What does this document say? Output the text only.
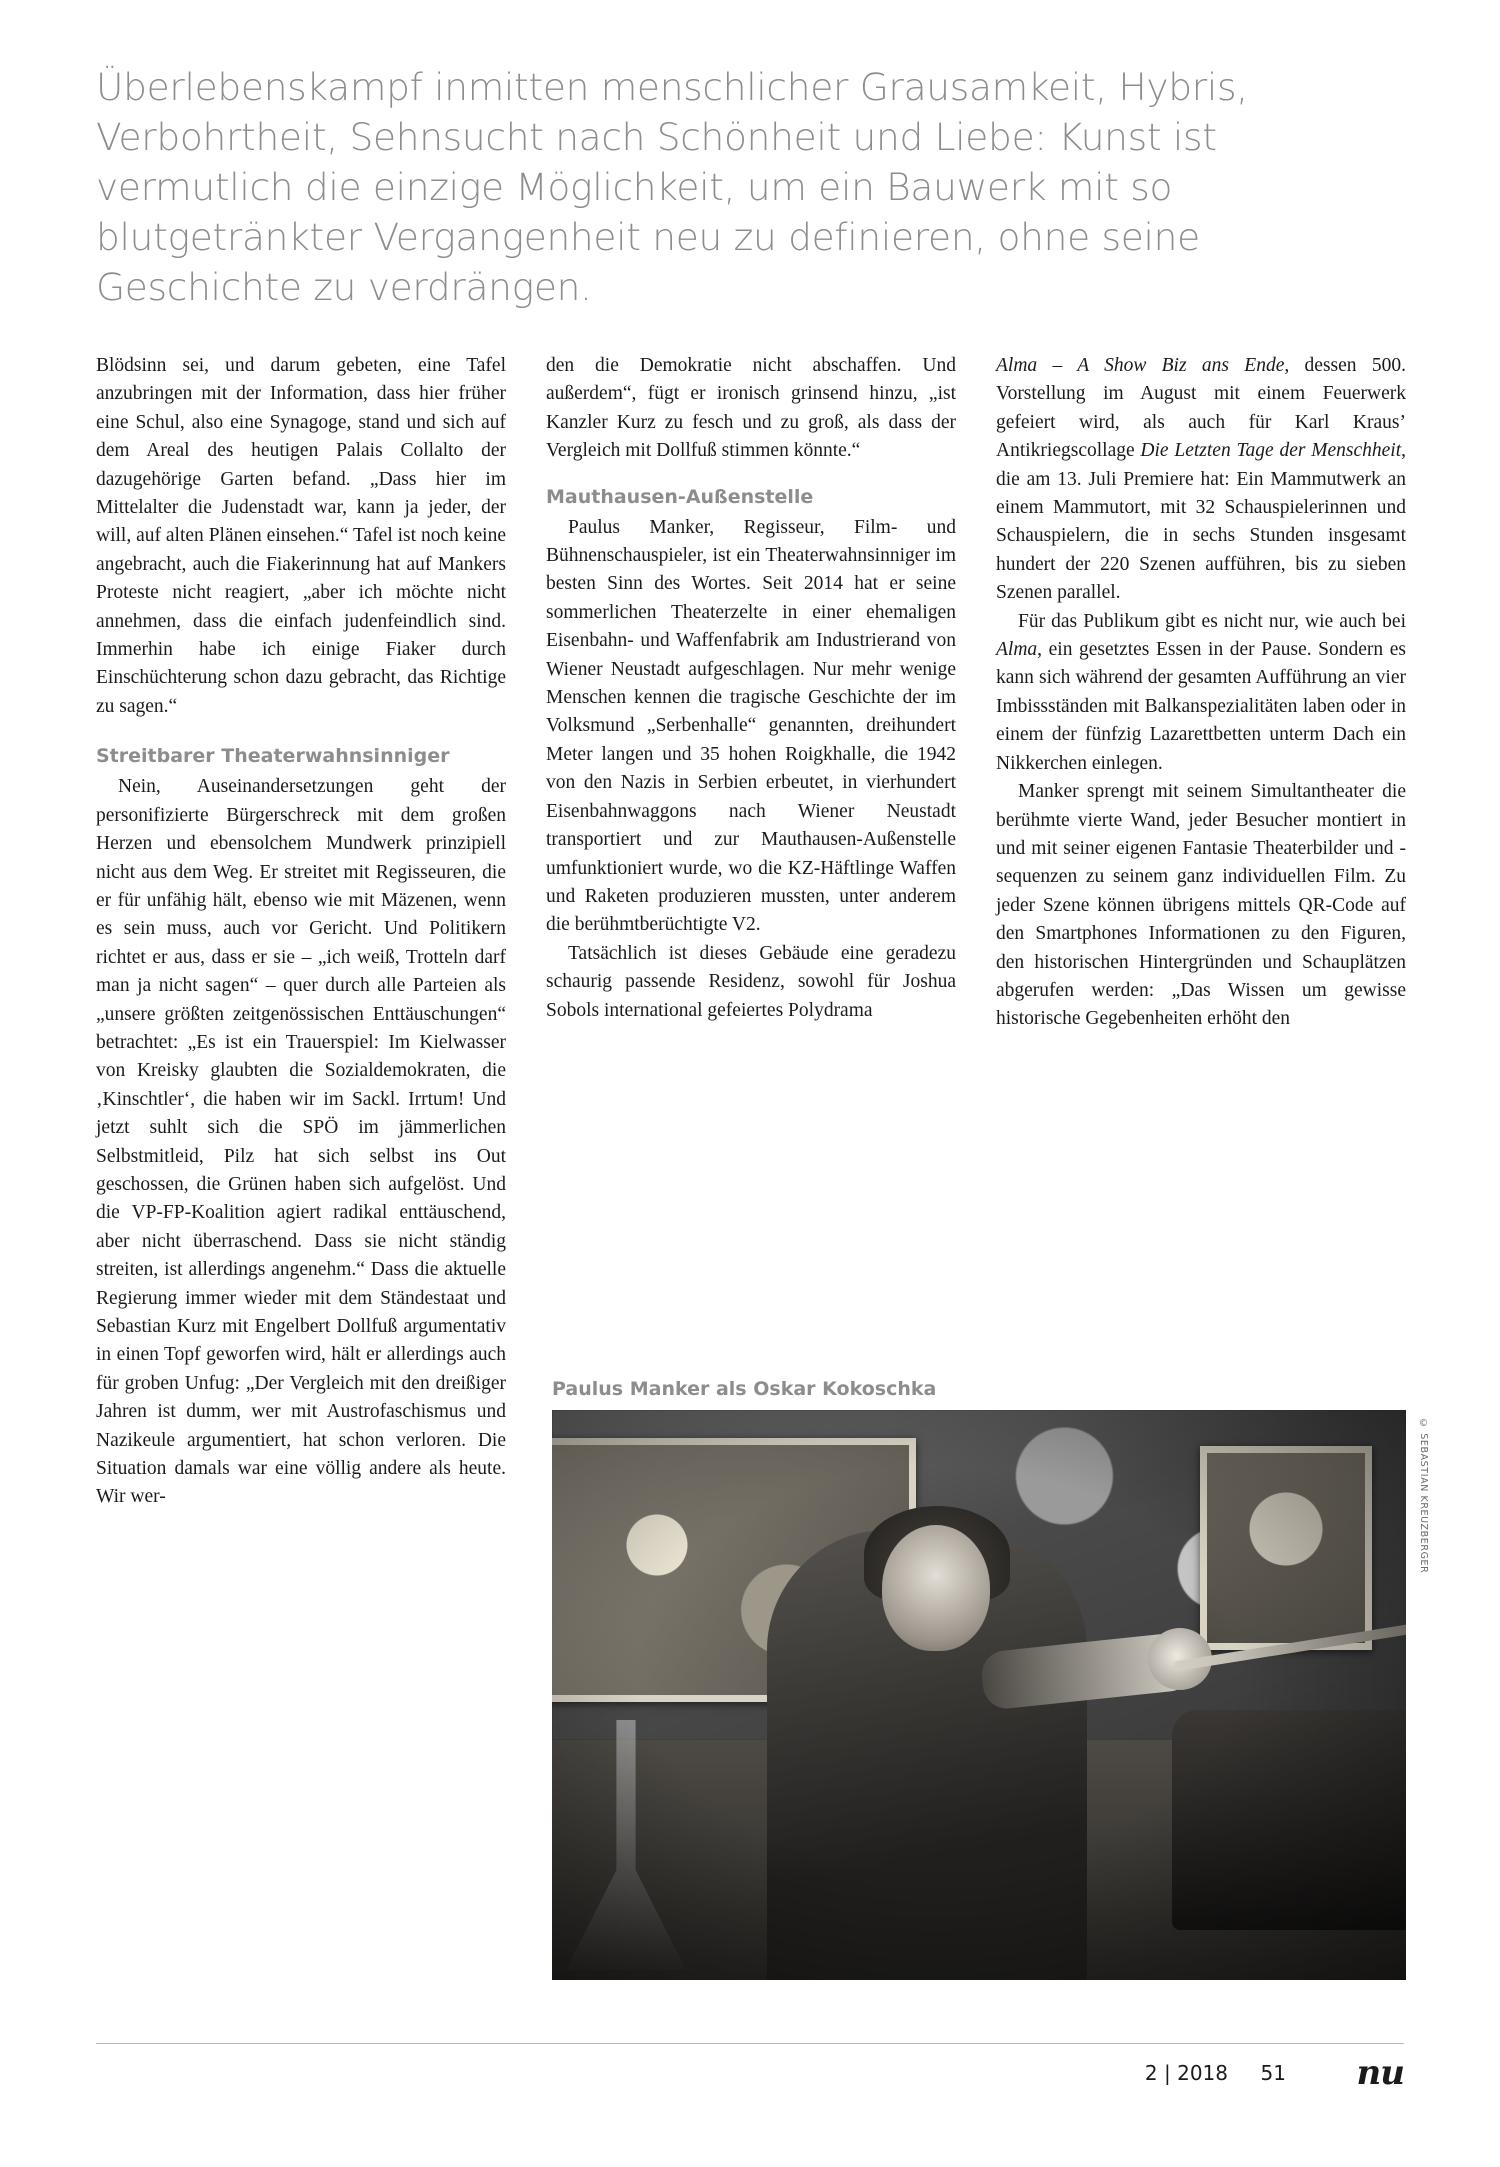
Überlebenskampf inmitten menschlicher Grausamkeit, Hybris, Verbohrtheit, Sehnsucht nach Schönheit und Liebe: Kunst ist vermutlich die einzige Möglichkeit, um ein Bauwerk mit so blutgetränkter Vergangenheit neu zu definieren, ohne seine Geschichte zu verdrängen.

Blödsinn sei, und darum gebeten, eine Tafel anzubringen mit der Information, dass hier früher eine Schul, also eine Synagoge, stand und sich auf dem Areal des heutigen Palais Collalto der dazugehörige Garten befand. „Dass hier im Mittelalter die Judenstadt war, kann ja jeder, der will, auf alten Plänen einsehen.“ Tafel ist noch keine angebracht, auch die Fiakerinnung hat auf Mankers Proteste nicht reagiert, „aber ich möchte nicht annehmen, dass die einfach judenfeindlich sind. Immerhin habe ich einige Fiaker durch Einschüchterung schon dazu gebracht, das Richtige zu sagen.“

Streitbarer Theaterwahnsinniger

Nein, Auseinandersetzungen geht der personifizierte Bürgerschreck mit dem großen Herzen und ebensolchem Mundwerk prinzipiell nicht aus dem Weg. Er streitet mit Regisseuren, die er für unfähig hält, ebenso wie mit Mäzenen, wenn es sein muss, auch vor Gericht. Und Politikern richtet er aus, dass er sie – „ich weiß, Trotteln darf man ja nicht sagen“ – quer durch alle Parteien als „unsere größten zeitgenössischen Enttäuschungen“ betrachtet: „Es ist ein Trauerspiel: Im Kielwasser von Kreisky glaubten die Sozialdemokraten, die ‚Kinschtler‘, die haben wir im Sackl. Irrtum! Und jetzt suhlt sich die SPÖ im jämmerlichen Selbstmitleid, Pilz hat sich selbst ins Out geschossen, die Grünen haben sich aufgelöst. Und die VP-FP-Koalition agiert radikal enttäuschend, aber nicht überraschend. Dass sie nicht ständig streiten, ist allerdings angenehm.“ Dass die aktuelle Regierung immer wieder mit dem Ständestaat und Sebastian Kurz mit Engelbert Dollfuß argumentativ in einen Topf geworfen wird, hält er allerdings auch für groben Unfug: „Der Vergleich mit den dreißiger Jahren ist dumm, wer mit Austrofaschismus und Nazikeule argumentiert, hat schon verloren. Die Situation damals war eine völlig andere als heute. Wir wer-

den die Demokratie nicht abschaffen. Und außerdem“, fügt er ironisch grinsend hinzu, „ist Kanzler Kurz zu fesch und zu groß, als dass der Vergleich mit Dollfuß stimmen könnte.“

Mauthausen-Außenstelle

Paulus Manker, Regisseur, Film- und Bühnenschauspieler, ist ein Theaterwahnsinniger im besten Sinn des Wortes. Seit 2014 hat er seine sommerlichen Theaterzelte in einer ehemaligen Eisenbahn- und Waffenfabrik am Industrierand von Wiener Neustadt aufgeschlagen. Nur mehr wenige Menschen kennen die tragische Geschichte der im Volksmund „Serbenhalle“ genannten, dreihundert Meter langen und 35 hohen Roigkhalle, die 1942 von den Nazis in Serbien erbeutet, in vierhundert Eisenbahnwaggons nach Wiener Neustadt transportiert und zur Mauthausen-Außenstelle umfunktioniert wurde, wo die KZ-Häftlinge Waffen und Raketen produzieren mussten, unter anderem die berühmtberüchtigte V2.

Tatsächlich ist dieses Gebäude eine geradezu schaurig passende Residenz, sowohl für Joshua Sobols international gefeiertes Polydrama

Alma – A Show Biz ans Ende, dessen 500. Vorstellung im August mit einem Feuerwerk gefeiert wird, als auch für Karl Kraus’ Antikriegscollage Die Letzten Tage der Menschheit, die am 13. Juli Premiere hat: Ein Mammutwerk an einem Mammutort, mit 32 Schauspielerinnen und Schauspielern, die in sechs Stunden insgesamt hundert der 220 Szenen aufführen, bis zu sieben Szenen parallel.

Für das Publikum gibt es nicht nur, wie auch bei Alma, ein gesetztes Essen in der Pause. Sondern es kann sich während der gesamten Aufführung an vier Imbissständen mit Balkanspezialitäten laben oder in einem der fünfzig Lazarettbetten unterm Dach ein Nikkerchen einlegen.

Manker sprengt mit seinem Simultantheater die berühmte vierte Wand, jeder Besucher montiert in und mit seiner eigenen Fantasie Theaterbilder und -sequenzen zu seinem ganz individuellen Film. Zu jeder Szene können übrigens mittels QR-Code auf den Smartphones Informationen zu den Figuren, den historischen Hintergründen und Schauplätzen abgerufen werden: „Das Wissen um gewisse historische Gegebenheiten erhöht den

Paulus Manker als Oskar Kokoschka
© SEBASTIAN KREUZBERGER
2 | 2018 51 nu
